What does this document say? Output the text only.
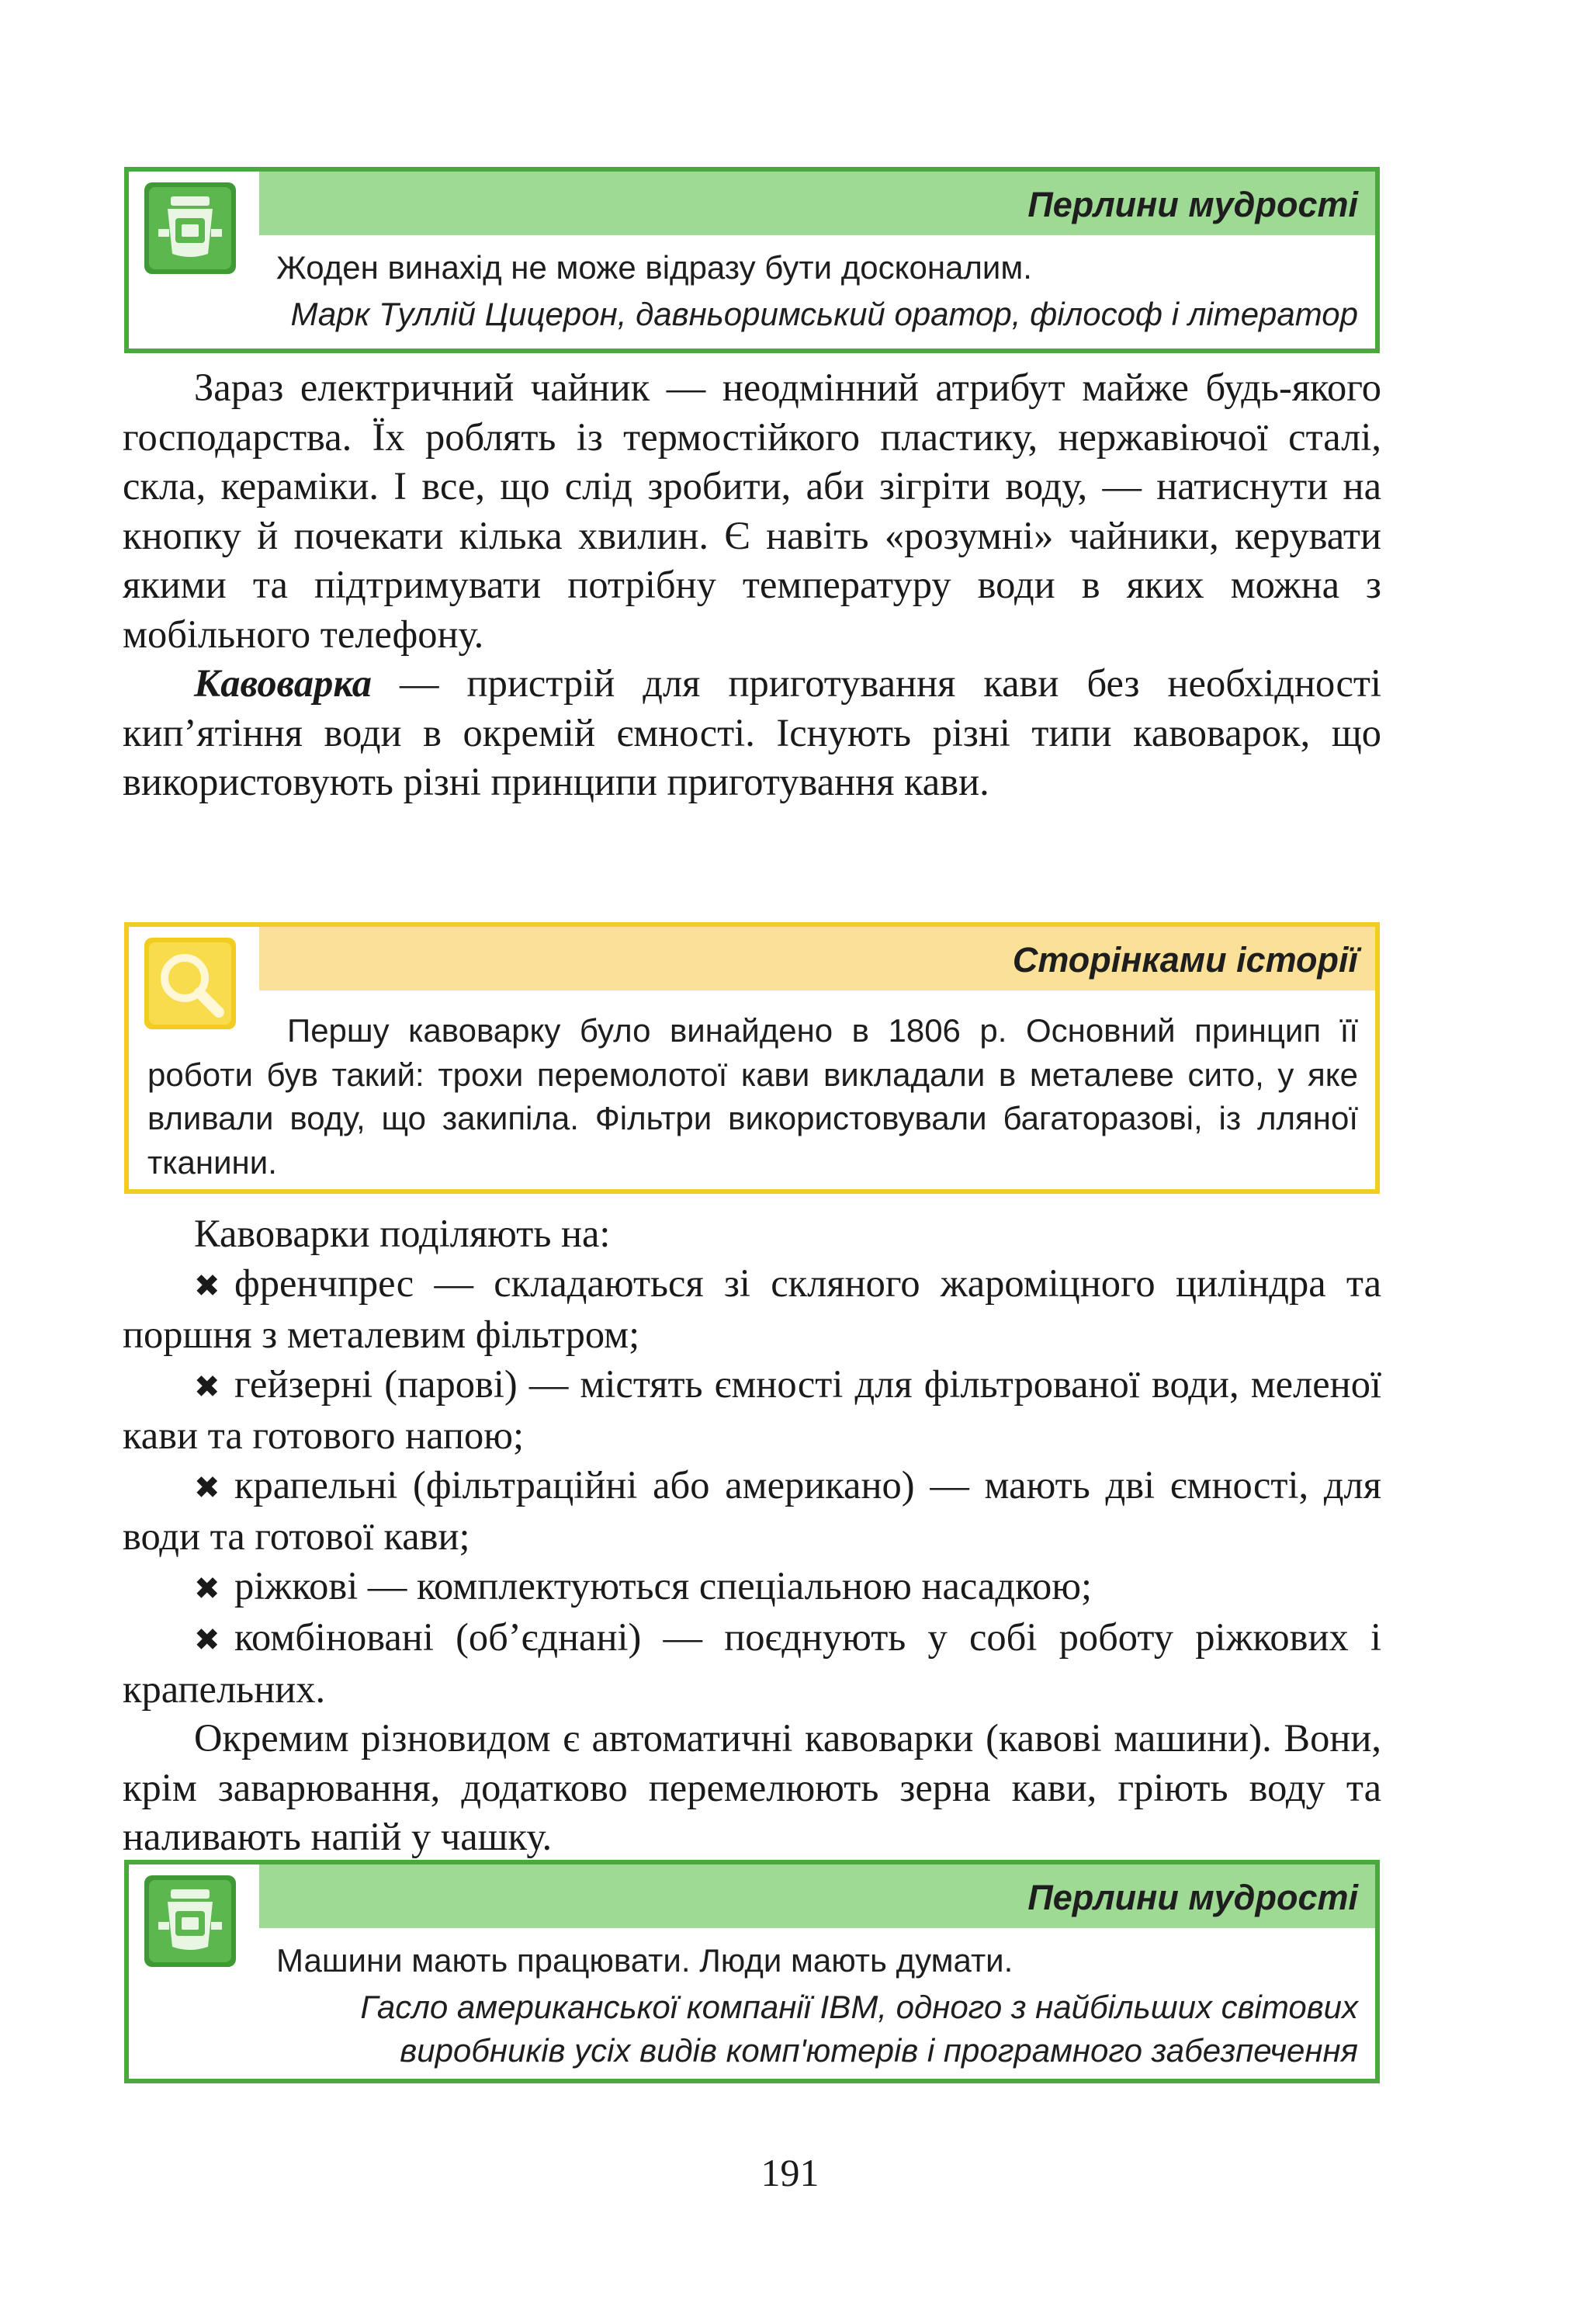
Перлини мудрості
Жоден винахід не може відразу бути досконалим.
Марк Туллій Цицерон, давньоримський оратор, філософ і літератор

Зараз електричний чайник — неодмінний атрибут майже будь-якого господарства. Їх роблять із термостійкого пластику, нержавіючої сталі, скла, кераміки. І все, що слід зробити, аби зігріти воду, — натиснути на кнопку й почекати кілька хвилин. Є навіть «розумні» чайники, керувати якими та підтримувати потрібну температуру води в яких можна з мобільного телефону.

Кавоварка — пристрій для приготування кави без необхідності кип’ятіння води в окремій ємності. Існують різні типи кавоварок, що використовують різні принципи приготування кави.

Сторінками історії
Першу кавоварку було винайдено в 1806 р. Основний принцип її роботи був такий: трохи перемолотої кави викладали в металеве сито, у яке вливали воду, що закипіла. Фільтри використовували багаторазові, із лляної тканини.

Кавоварки поділяють на:

✖ френчпрес — складаються зі скляного жароміцного циліндра та поршня з металевим фільтром;

✖ гейзерні (парові) — містять ємності для фільтрованої води, меленої кави та готового напою;

✖ крапельні (фільтраційні або американо) — мають дві ємності, для води та готової кави;

✖ ріжкові — комплектуються спеціальною насадкою;

✖ комбіновані (об’єднані) — поєднують у собі роботу ріжкових і крапельних.

Окремим різновидом є автоматичні кавоварки (кавові машини). Вони, крім заварювання, додатково перемелюють зерна кави, гріють воду та наливають напій у чашку.

Перлини мудрості
Машини мають працювати. Люди мають думати.
Гасло американської компанії IBM, одного з найбільших світових
виробників усіх видів комп'ютерів і програмного забезпечення
191
